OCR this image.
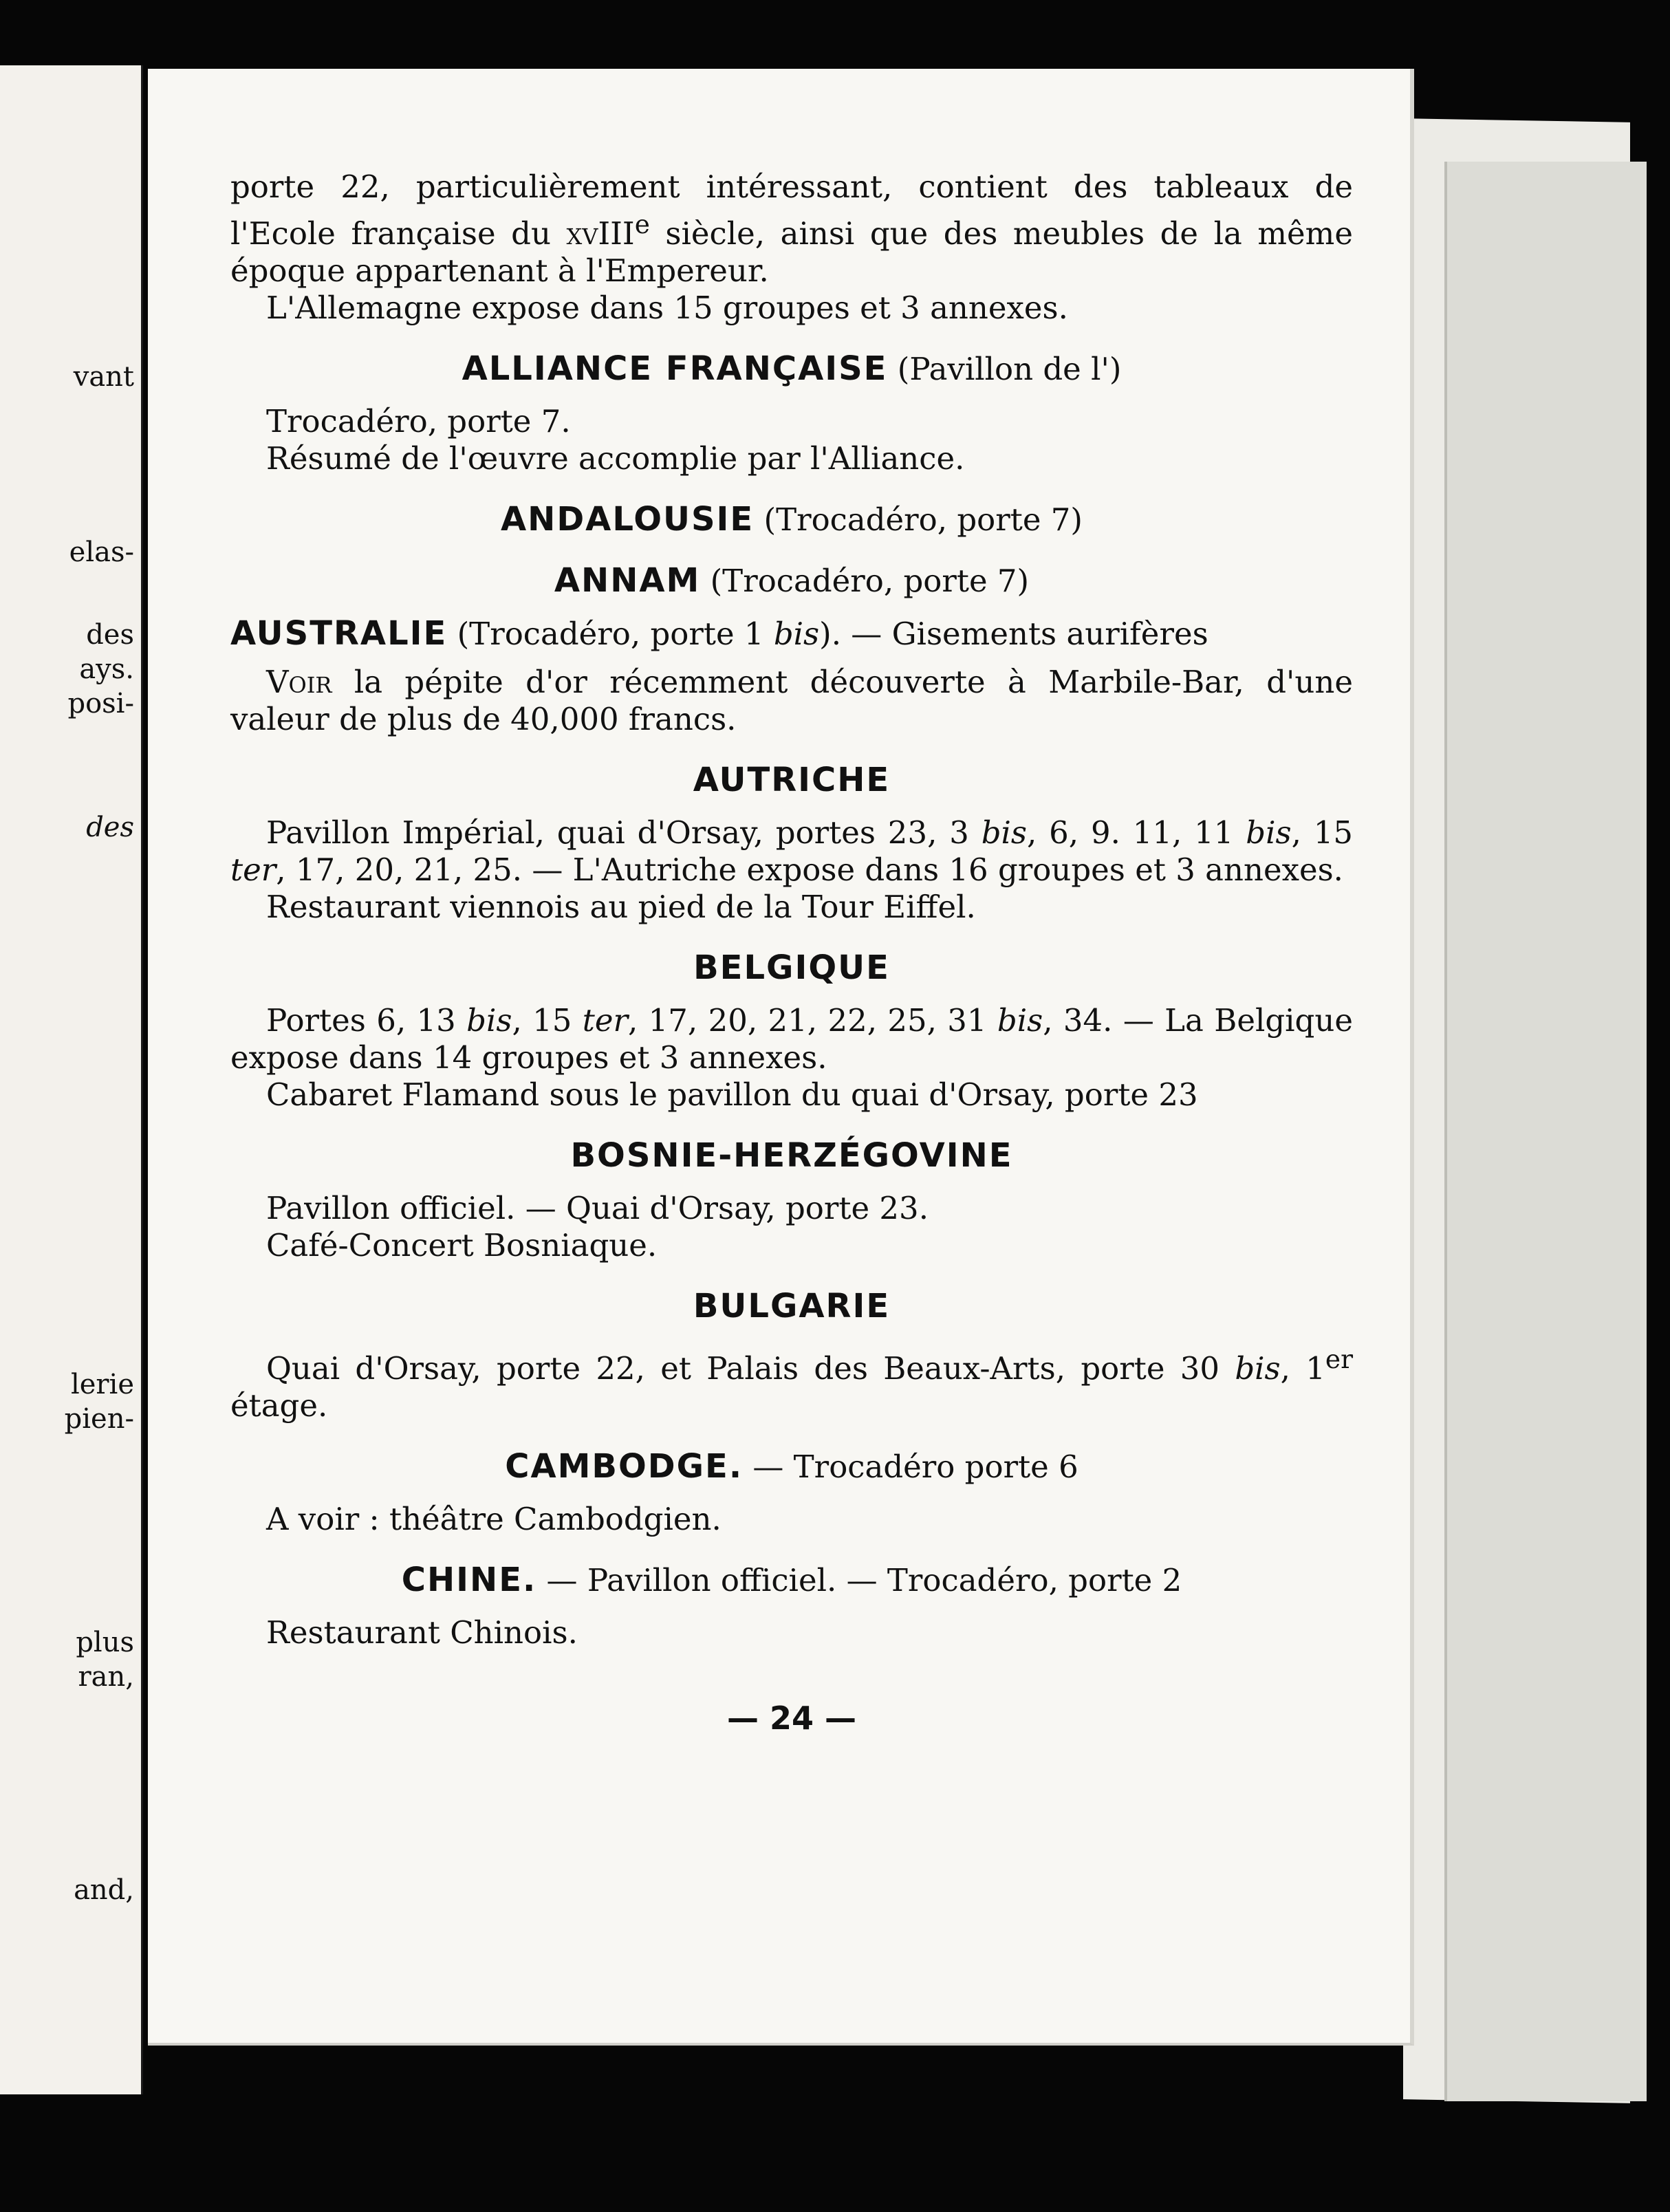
vant
elas-
des
ays.
posi-
des
lerie
pien-
plus
ran,
and,

porte 22, particulièrement intéressant, contient des tableaux de l'Ecole française du xvIII$^e$ siècle, ainsi que des meubles de la même époque appartenant à l'Empereur.

L'Allemagne expose dans 15 groupes et 3 annexes.

ALLIANCE FRANÇAISE (Pavillon de l')

Trocadéro, porte 7.

Résumé de l'œuvre accomplie par l'Alliance.

ANDALOUSIE (Trocadéro, porte 7)
ANNAM (Trocadéro, porte 7)

AUSTRALIE (Trocadéro, porte 1 bis). — Gisements aurifères

Voir la pépite d'or récemment découverte à Marbile-Bar, d'une valeur de plus de 40,000 francs.

AUTRICHE

Pavillon Impérial, quai d'Orsay, portes 23, 3 bis, 6, 9. 11, 11 bis, 15 ter, 17, 20, 21, 25. — L'Autriche expose dans 16 groupes et 3 annexes.

Restaurant viennois au pied de la Tour Eiffel.

BELGIQUE

Portes 6, 13 bis, 15 ter, 17, 20, 21, 22, 25, 31 bis, 34. — La Belgique expose dans 14 groupes et 3 annexes.

Cabaret Flamand sous le pavillon du quai d'Orsay, porte 23

BOSNIE-HERZÉGOVINE

Pavillon officiel. — Quai d'Orsay, porte 23.

Café-Concert Bosniaque.

BULGARIE

Quai d'Orsay, porte 22, et Palais des Beaux-Arts, porte 30 bis, 1er étage.

CAMBODGE. — Trocadéro porte 6

A voir : théâtre Cambodgien.

CHINE. — Pavillon officiel. — Trocadéro, porte 2

Restaurant Chinois.

— 24 —
